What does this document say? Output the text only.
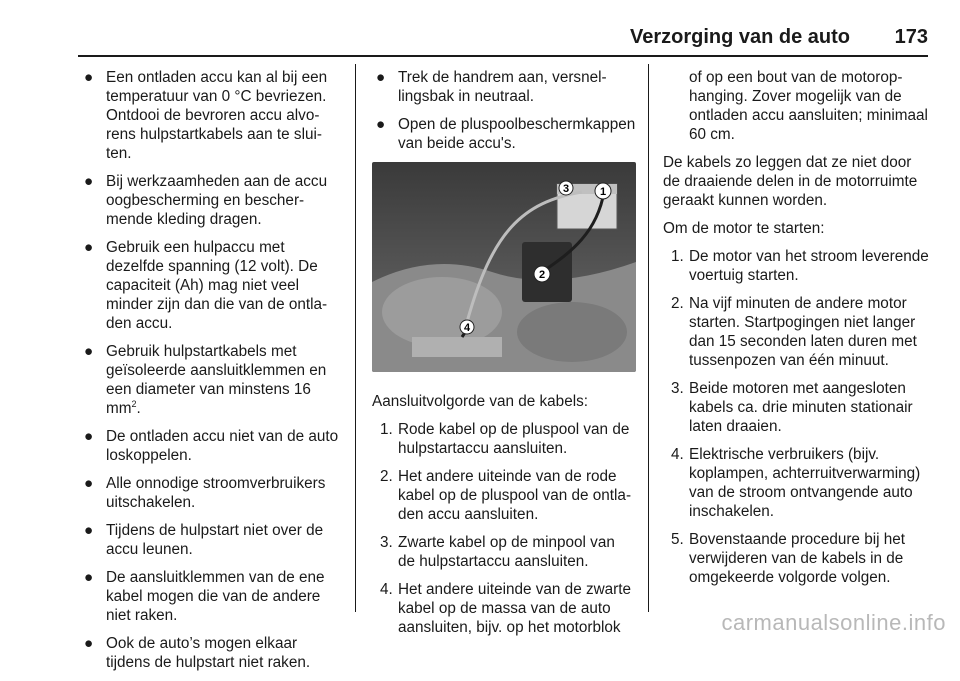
Verzorging van de auto 173
● Een ontladen accu kan al bij een temperatuur van 0 °C bevriezen. Ontdooi de bevroren accu alvorens hulpstartkabels aan te sluiten.
● Bij werkzaamheden aan de accu oogbescherming en beschermende kleding dragen.
● Gebruik een hulpaccu met dezelfde spanning (12 volt). De capaciteit (Ah) mag niet veel minder zijn dan die van de ontladen accu.
● Gebruik hulpstartkabels met geïsoleerde aansluitklemmen en een diameter van minstens 16 $mm^2$.
● De ontladen accu niet van de auto loskoppelen.
● Alle onnodige stroomverbruikers uitschakelen.
● Tijdens de hulpstart niet over de accu leunen.
● De aansluitklemmen van de ene kabel mogen die van de andere niet raken.
● Ook de auto’s mogen elkaar tijdens de hulpstart niet raken.
● Trek de handrem aan, versnellingsbak in neutraal.
● Open de pluspoolbeschermkappen van beide accu's.
1
2
3
4
Aansluitvolgorde van de kabels:
1. Rode kabel op de pluspool van de hulpstartaccu aansluiten.
2. Het andere uiteinde van de rode kabel op de pluspool van de ontladen accu aansluiten.
3. Zwarte kabel op de minpool van de hulpstartaccu aansluiten.
4. Het andere uiteinde van de zwarte kabel op de massa van de auto aansluiten, bijv. op het motorblok
of op een bout van de motorophanging. Zover mogelijk van de ontladen accu aansluiten; minimaal 60 cm.
De kabels zo leggen dat ze niet door de draaiende delen in de motorruimte geraakt kunnen worden.
Om de motor te starten:
1. De motor van het stroom leverende voertuig starten.
2. Na vijf minuten de andere motor starten. Startpogingen niet langer dan 15 seconden laten duren met tussenpozen van één minuut.
3. Beide motoren met aangesloten kabels ca. drie minuten stationair laten draaien.
4. Elektrische verbruikers (bijv. koplampen, achterruitverwarming) van de stroom ontvangende auto inschakelen.
5. Bovenstaande procedure bij het verwijderen van de kabels in de omgekeerde volgorde volgen.
carmanualsonline.info
